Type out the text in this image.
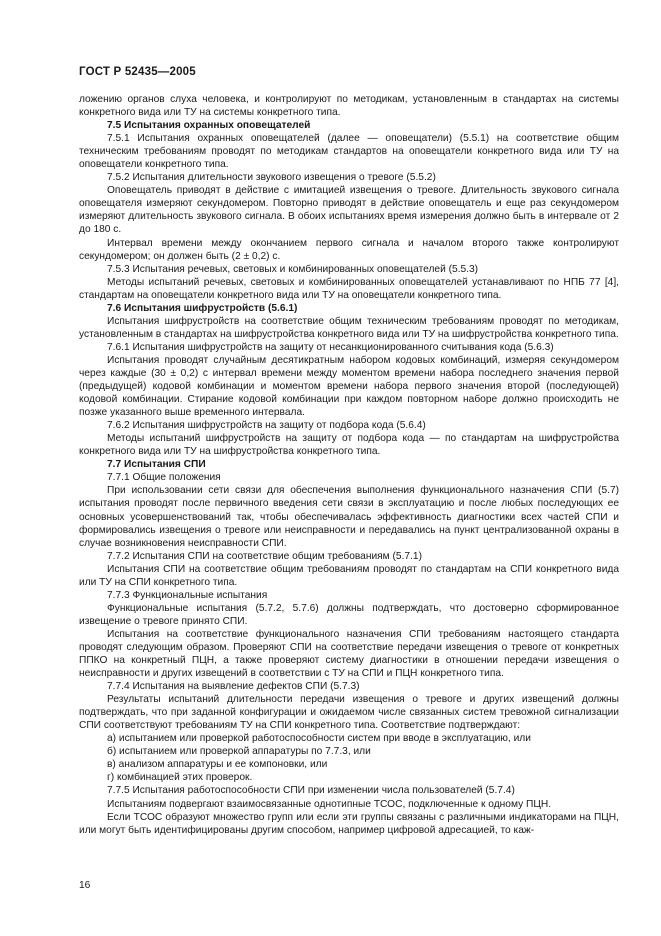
ГОСТ Р 52435—2005

ложению органов слуха человека, и контролируют по методикам, установленным в стандартах на системы конкретного вида или ТУ на системы конкретного типа.

7.5 Испытания охранных оповещателей

7.5.1 Испытания охранных оповещателей (далее — оповещатели) (5.5.1) на соответствие общим техническим требованиям проводят по методикам стандартов на оповещатели конкретного вида или ТУ на оповещатели конкретного типа.

7.5.2 Испытания длительности звукового извещения о тревоге (5.5.2)

Оповещатель приводят в действие с имитацией извещения о тревоге. Длительность звукового сигнала оповещателя измеряют секундомером. Повторно приводят в действие оповещатель и еще раз секундомером измеряют длительность звукового сигнала. В обоих испытаниях время измерения должно быть в интервале от 2 до 180 с.

Интервал времени между окончанием первого сигнала и началом второго также контролируют секундомером; он должен быть (2 ± 0,2) с.

7.5.3 Испытания речевых, световых и комбинированных оповещателей (5.5.3)

Методы испытаний речевых, световых и комбинированных оповещателей устанавливают по НПБ 77 [4], стандартам на оповещатели конкретного вида или ТУ на оповещатели конкретного типа.

7.6 Испытания шифрустройств (5.6.1)

Испытания шифрустройств на соответствие общим техническим требованиям проводят по методикам, установленным в стандартах на шифрустройства конкретного вида или ТУ на шифрустройства конкретного типа.

7.6.1 Испытания шифрустройств на защиту от несанкционированного считывания кода (5.6.3)

Испытания проводят случайным десятикратным набором кодовых комбинаций, измеряя секундомером через каждые (30 ± 0,2) с интервал времени между моментом времени набора последнего значения первой (предыдущей) кодовой комбинации и моментом времени набора первого значения второй (последующей) кодовой комбинации. Стирание кодовой комбинации при каждом повторном наборе должно происходить не позже указанного выше временного интервала.

7.6.2 Испытания шифрустройств на защиту от подбора кода (5.6.4)

Методы испытаний шифрустройств на защиту от подбора кода — по стандартам на шифрустройства конкретного вида или ТУ на шифрустройства конкретного типа.

7.7 Испытания СПИ

7.7.1 Общие положения

При использовании сети связи для обеспечения выполнения функционального назначения СПИ (5.7) испытания проводят после первичного введения сети связи в эксплуатацию и после любых последующих ее основных усовершенствований так, чтобы обеспечивалась эффективность диагностики всех частей СПИ и формировались извещения о тревоге или неисправности и передавались на пункт централизованной охраны в случае возникновения неисправности СПИ.

7.7.2 Испытания СПИ на соответствие общим требованиям (5.7.1)

Испытания СПИ на соответствие общим требованиям проводят по стандартам на СПИ конкретного вида или ТУ на СПИ конкретного типа.

7.7.3 Функциональные испытания

Функциональные испытания (5.7.2, 5.7.6) должны подтверждать, что достоверно сформированное извещение о тревоге принято СПИ.

Испытания на соответствие функционального назначения СПИ требованиям настоящего стандарта проводят следующим образом. Проверяют СПИ на соответствие передачи извещения о тревоге от конкретных ППКО на конкретный ПЦН, а также проверяют систему диагностики в отношении передачи извещения о неисправности и других извещений в соответствии с ТУ на СПИ и ПЦН конкретного типа.

7.7.4 Испытания на выявление дефектов СПИ (5.7.3)

Результаты испытаний длительности передачи извещения о тревоге и других извещений должны подтверждать, что при заданной конфигурации и ожидаемом числе связанных систем тревожной сигнализации СПИ соответствуют требованиям ТУ на СПИ конкретного типа. Соответствие подтверждают:

а) испытанием или проверкой работоспособности систем при вводе в эксплуатацию, или

б) испытанием или проверкой аппаратуры по 7.7.3, или

в) анализом аппаратуры и ее компоновки, или

г) комбинацией этих проверок.

7.7.5 Испытания работоспособности СПИ при изменении числа пользователей (5.7.4)

Испытаниям подвергают взаимосвязанные однотипные ТСОС, подключенные к одному ПЦН.

Если ТСОС образуют множество групп или если эти группы связаны с различными индикаторами на ПЦН, или могут быть идентифицированы другим способом, например цифровой адресацией, то каж-

16
